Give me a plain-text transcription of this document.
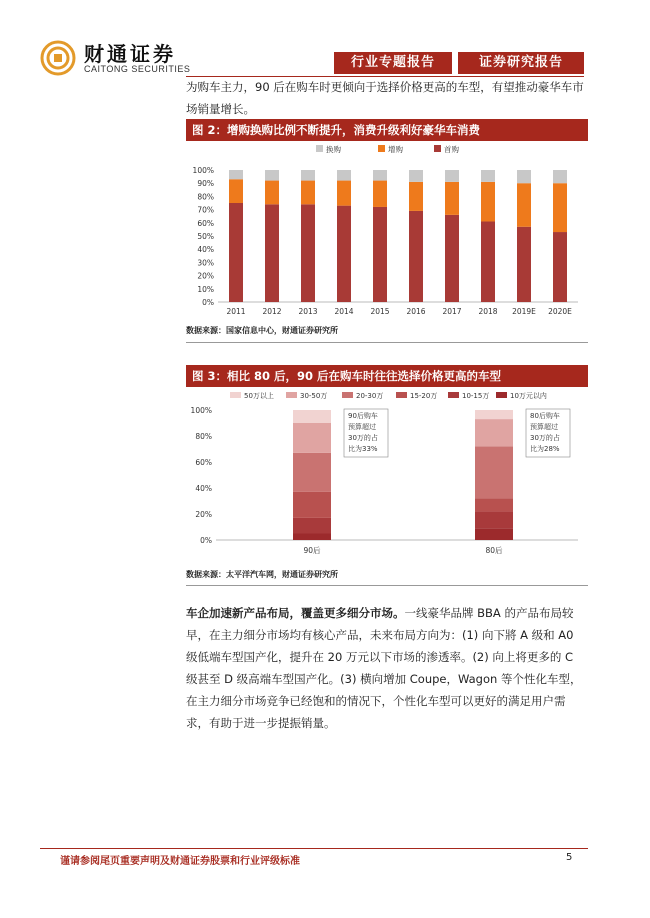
财通证券
CAITONG SECURITIES	行业专题报告	证券研究报告
为购车主力，90 后在购车时更倾向于选择价格更高的车型，有望推动豪华车市场销量增长。
图 2：增购换购比例不断提升，消费升级利好豪华车消费
换购	增购	首购
0%
10%
20%
30%
40%
50%
60%
70%
80%
90%
100%
2011 2012 2013 2014 2015 2016 2017 2018 2019E 2020E
数据来源：国家信息中心，财通证券研究所
图 3：相比 80 后，90 后在购车时往往选择价格更高的车型
50万以上	30-50万	20-30万	15-20万	10-15万	10万元以内
0%
20%
40%
60%
80%
100%
90后	80后
90后购车
预算超过
30万的占
比为33%
80后购车
预算超过
30万的占
比为28%
数据来源：太平洋汽车网，财通证券研究所
车企加速新产品布局，覆盖更多细分市场。一线豪华品牌 BBA 的产品布局较早，在主力细分市场均有核心产品，未来布局方向为：(1) 向下將 A 级和 A0 级低端车型国产化，提升在 20 万元以下市场的渗透率。(2) 向上将更多的 C 级甚至 D 级高端车型国产化。(3) 横向增加 Coupe，Wagon 等个性化车型，在主力细分市场竞争已经饱和的情况下，个性化车型可以更好的满足用户需求，有助于进一步提振销量。
谨请参阅尾页重要声明及财通证券股票和行业评级标准	5
